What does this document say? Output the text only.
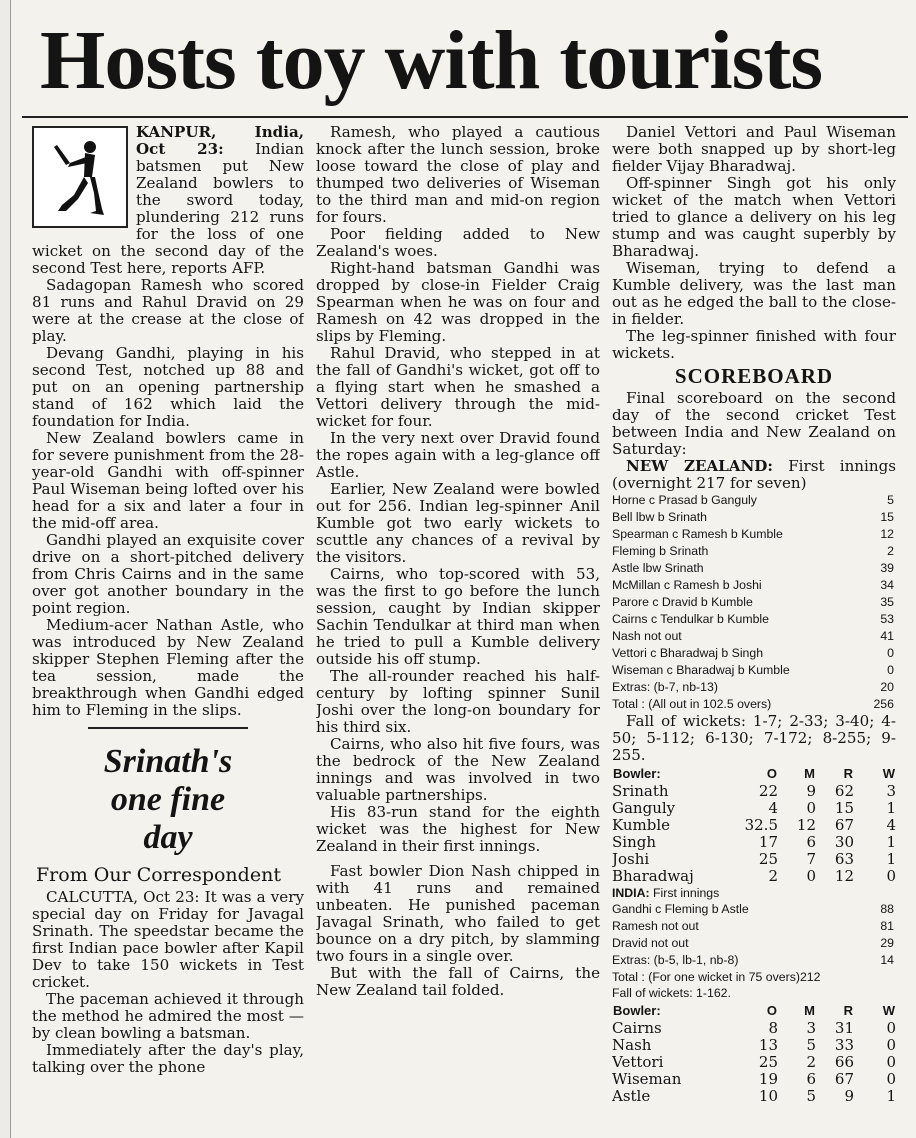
Hosts toy with tourists

KANPUR, India, Oct 23: Indian batsmen put New Zealand bowlers to the sword today, plundering 212 runs for the loss of one wicket on the second day of the second Test here, reports AFP.

Sadagopan Ramesh who scored 81 runs and Rahul Dravid on 29 were at the crease at the close of play.

Devang Gandhi, playing in his second Test, notched up 88 and put on an opening partnership stand of 162 which laid the foundation for India.

New Zealand bowlers came in for severe punishment from the 28-year-old Gandhi with off-spinner Paul Wiseman being lofted over his head for a six and later a four in the mid-off area.

Gandhi played an exquisite cover drive on a short-pitched delivery from Chris Cairns and in the same over got another boundary in the point region.

Medium-acer Nathan Astle, who was introduced by New Zealand skipper Stephen Fleming after the tea session, made the breakthrough when Gandhi edged him to Fleming in the slips.

Srinath's
one fine
day
From Our Correspondent

CALCUTTA, Oct 23: It was a very special day on Friday for Javagal Srinath. The speedstar became the first Indian pace bowler after Kapil Dev to take 150 wickets in Test cricket.

The paceman achieved it through the method he admired the most — by clean bowling a batsman.

Immediately after the day's play, talking over the phone

Ramesh, who played a cautious knock after the lunch session, broke loose toward the close of play and thumped two deliveries of Wiseman to the third man and mid-on region for fours.

Poor fielding added to New Zealand's woes.

Right-hand batsman Gandhi was dropped by close-in Fielder Craig Spearman when he was on four and Ramesh on 42 was dropped in the slips by Fleming.

Rahul Dravid, who stepped in at the fall of Gandhi's wicket, got off to a flying start when he smashed a Vettori delivery through the mid-wicket for four.

In the very next over Dravid found the ropes again with a leg-glance off Astle.

Earlier, New Zealand were bowled out for 256. Indian leg-spinner Anil Kumble got two early wickets to scuttle any chances of a revival by the visitors.

Cairns, who top-scored with 53, was the first to go before the lunch session, caught by Indian skipper Sachin Tendulkar at third man when he tried to pull a Kumble delivery outside his off stump.

The all-rounder reached his half-century by lofting spinner Sunil Joshi over the long-on boundary for his third six.

Cairns, who also hit five fours, was the bedrock of the New Zealand innings and was involved in two valuable partnerships.

His 83-run stand for the eighth wicket was the highest for New Zealand in their first innings.

Fast bowler Dion Nash chipped in with 41 runs and remained unbeaten. He punished paceman Javagal Srinath, who failed to get bounce on a dry pitch, by slamming two fours in a single over.

But with the fall of Cairns, the New Zealand tail folded.

Daniel Vettori and Paul Wiseman were both snapped up by short-leg fielder Vijay Bharadwaj.

Off-spinner Singh got his only wicket of the match when Vettori tried to glance a delivery on his leg stump and was caught superbly by Bharadwaj.

Wiseman, trying to defend a Kumble delivery, was the last man out as he edged the ball to the close-in fielder.

The leg-spinner finished with four wickets.

SCOREBOARD

Final scoreboard on the second day of the second cricket Test between India and New Zealand on Saturday:

NEW ZEALAND: First innings (overnight 217 for seven)

Horne c Prasad b Ganguly	5
Bell lbw b Srinath	15
Spearman c Ramesh b Kumble	12
Fleming b Srinath	2
Astle lbw Srinath	39
McMillan c Ramesh b Joshi	34
Parore c Dravid b Kumble	35
Cairns c Tendulkar b Kumble	53
Nash not out	41
Vettori c Bharadwaj b Singh	0
Wiseman c Bharadwaj b Kumble	0
Extras: (b-7, nb-13)	20
Total : (All out in 102.5 overs)	256

Fall of wickets: 1-7; 2-33; 3-40; 4-50; 5-112; 6-130; 7-172; 8-255; 9-255.

Bowler:	O	M	R	W
Srinath	22	9	62	3
Ganguly	4	0	15	1
Kumble	32.5	12	67	4
Singh	17	6	30	1
Joshi	25	7	63	1
Bharadwaj	2	0	12	0
INDIA: First innings
Gandhi c Fleming b Astle	88
Ramesh not out	81
Dravid not out	29
Extras: (b-5, lb-1, nb-8)	14
Total : (For one wicket in 75 overs)212
Fall of wickets: 1-162.
Bowler:	O	M	R	W
Cairns	8	3	31	0
Nash	13	5	33	0
Vettori	25	2	66	0
Wiseman	19	6	67	0
Astle	10	5	9	1
